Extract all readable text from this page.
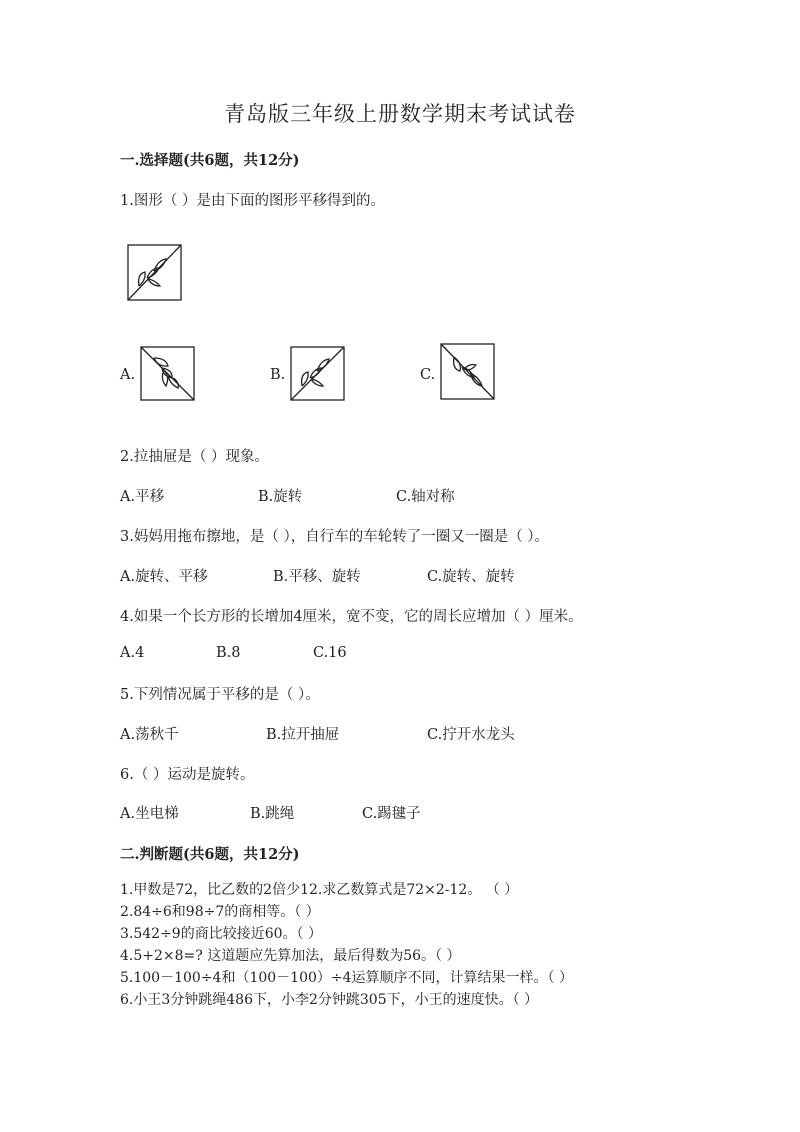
青岛版三年级上册数学期末考试试卷
一.选择题(共6题，共12分)
1.图形（ ）是由下面的图形平移得到的。
A.	B.	C.
2.拉抽屉是（ ）现象。
A.平移	B.旋转	C.轴对称
3.妈妈用拖布擦地，是（ ），自行车的车轮转了一圈又一圈是（ ）。
A.旋转、平移	B.平移、旋转	C.旋转、旋转
4.如果一个长方形的长增加4厘米，宽不变，它的周长应增加（ ）厘米。
A.4	B.8	C.16
5.下列情况属于平移的是（ ）。
A.荡秋千	B.拉开抽屉	C.拧开水龙头
6.（ ）运动是旋转。
A.坐电梯	B.跳绳	C.踢毽子
二.判断题(共6题，共12分)
1.甲数是72，比乙数的2倍少12.求乙数算式是72×2-12。 （ ）
2.84÷6和98÷7的商相等。（ ）
3.542÷9的商比较接近60。（ ）
4.5+2×8=? 这道题应先算加法，最后得数为56。（ ）
5.100－100÷4和（100－100）÷4运算顺序不同，计算结果一样。（ ）
6.小王3分钟跳绳486下，小李2分钟跳305下，小王的速度快。（ ）
